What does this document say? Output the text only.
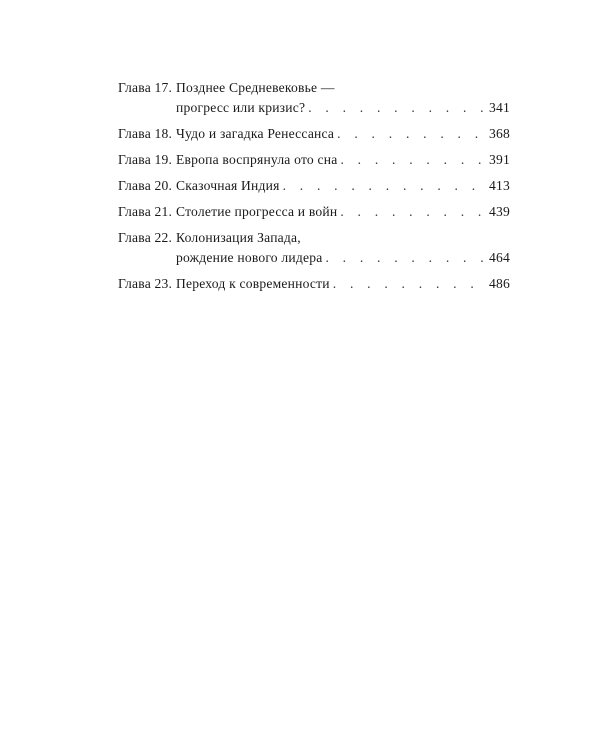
Глава 17. Позднее Средневековье —
прогресс или кризис? . . .	341
Глава 18. Чудо и загадка Ренессанса . . .	368
Глава 19. Европа воспрянула ото сна . . .	391
Глава 20. Сказочная Индия . . .	413
Глава 21. Столетие прогресса и войн . . .	439
Глава 22. Колонизация Запада,
рождение нового лидера . . .	464
Глава 23. Переход к современности . . .	486
